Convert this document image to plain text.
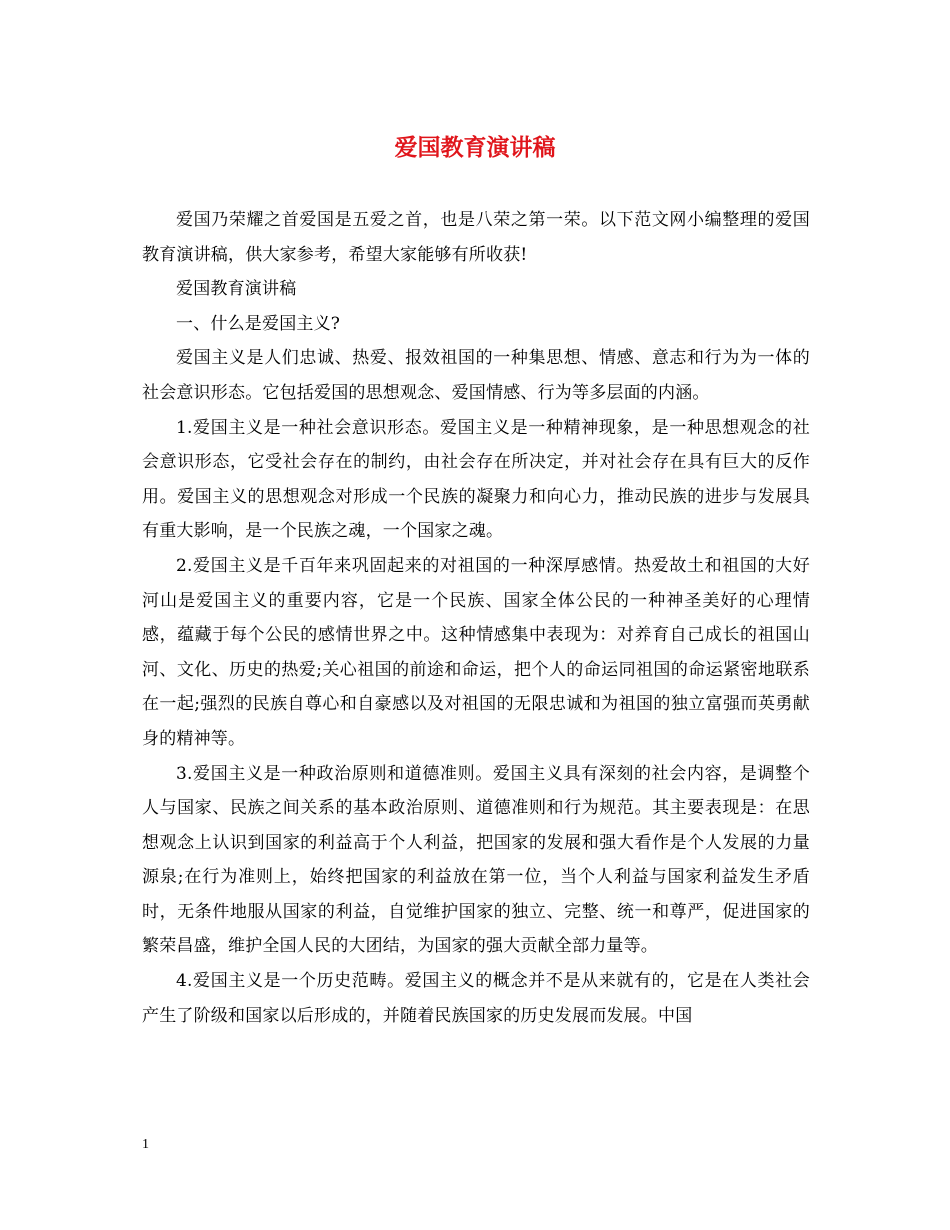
爱国教育演讲稿

爱国乃荣耀之首爱国是五爱之首，也是八荣之第一荣。以下范文网小编整理的爱国教育演讲稿，供大家参考，希望大家能够有所收获!

爱国教育演讲稿

一、什么是爱国主义?

爱国主义是人们忠诚、热爱、报效祖国的一种集思想、情感、意志和行为为一体的社会意识形态。它包括爱国的思想观念、爱国情感、行为等多层面的内涵。

1.爱国主义是一种社会意识形态。爱国主义是一种精神现象，是一种思想观念的社会意识形态，它受社会存在的制约，由社会存在所决定，并对社会存在具有巨大的反作用。爱国主义的思想观念对形成一个民族的凝聚力和向心力，推动民族的进步与发展具有重大影响，是一个民族之魂，一个国家之魂。

2.爱国主义是千百年来巩固起来的对祖国的一种深厚感情。热爱故土和祖国的大好河山是爱国主义的重要内容，它是一个民族、国家全体公民的一种神圣美好的心理情感，蕴藏于每个公民的感情世界之中。这种情感集中表现为：对养育自己成长的祖国山河、文化、历史的热爱;关心祖国的前途和命运，把个人的命运同祖国的命运紧密地联系在一起;强烈的民族自尊心和自豪感以及对祖国的无限忠诚和为祖国的独立富强而英勇献身的精神等。

3.爱国主义是一种政治原则和道德准则。爱国主义具有深刻的社会内容，是调整个人与国家、民族之间关系的基本政治原则、道德准则和行为规范。其主要表现是：在思想观念上认识到国家的利益高于个人利益，把国家的发展和强大看作是个人发展的力量源泉;在行为准则上，始终把国家的利益放在第一位，当个人利益与国家利益发生矛盾时，无条件地服从国家的利益，自觉维护国家的独立、完整、统一和尊严，促进国家的繁荣昌盛，维护全国人民的大团结，为国家的强大贡献全部力量等。

4.爱国主义是一个历史范畴。爱国主义的概念并不是从来就有的，它是在人类社会产生了阶级和国家以后形成的，并随着民族国家的历史发展而发展。中国

1
